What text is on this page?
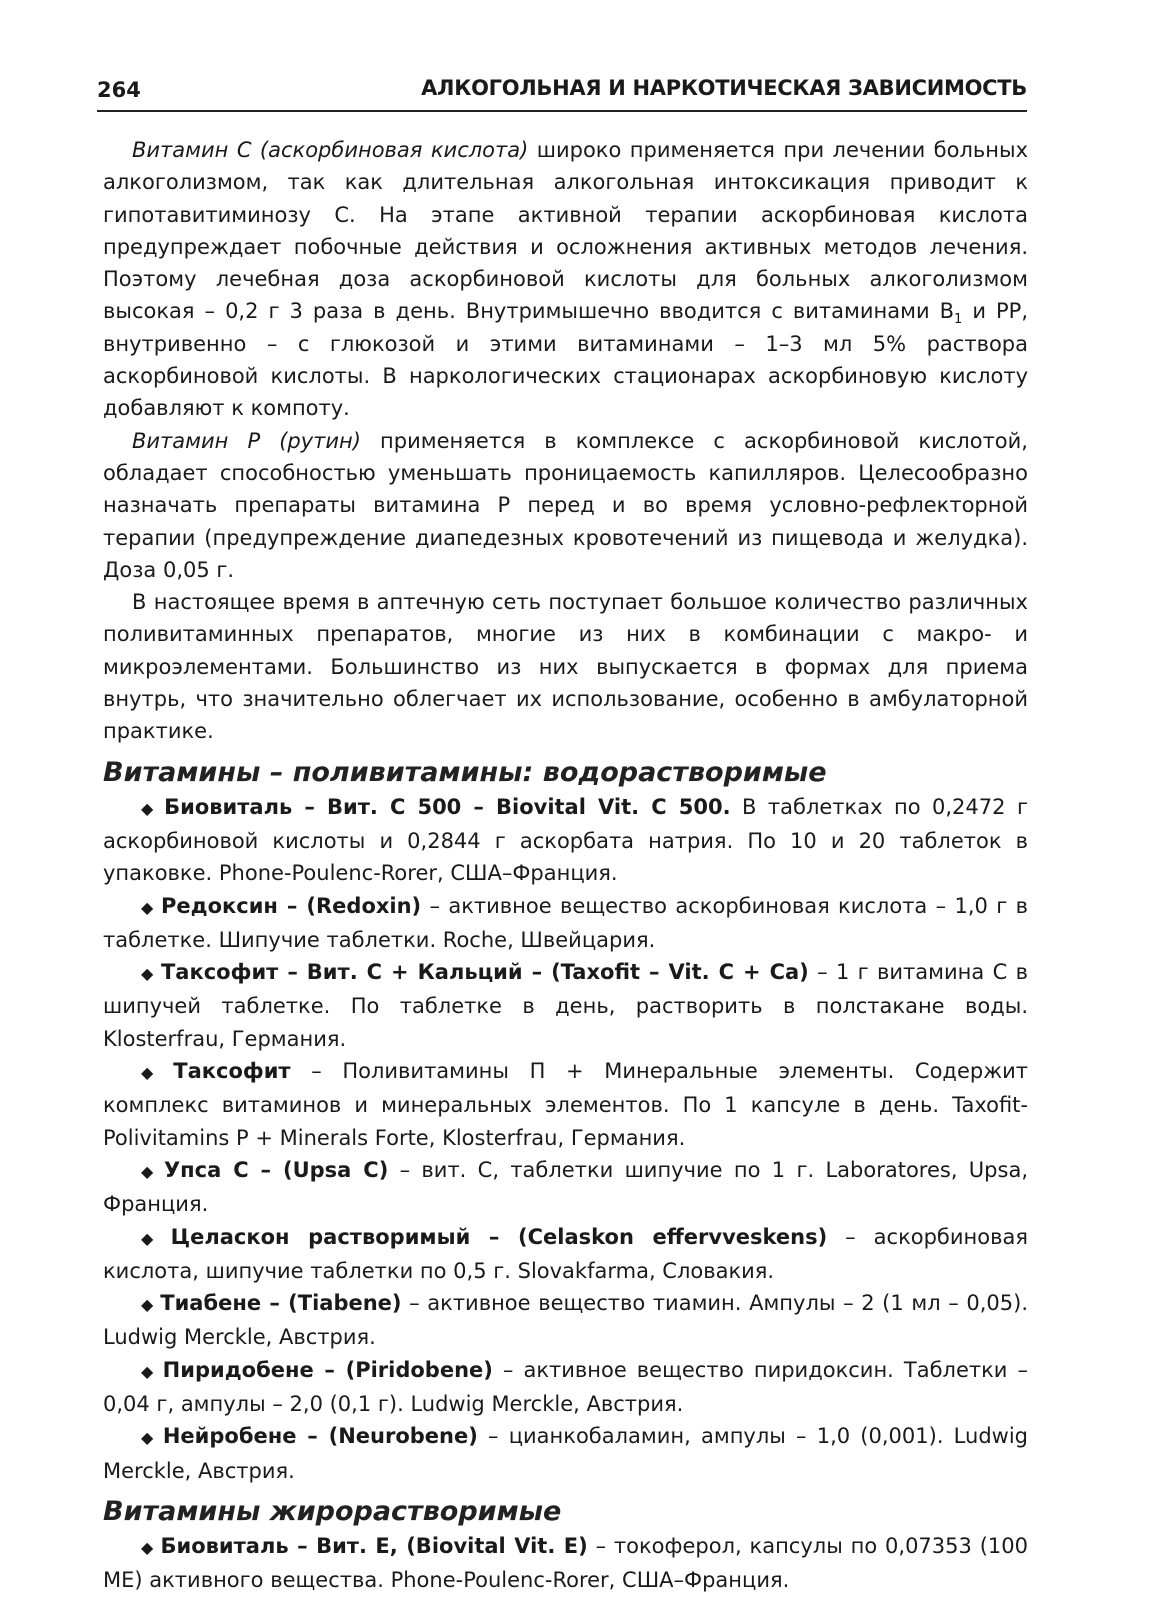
264	АЛКОГОЛЬНАЯ И НАРКОТИЧЕСКАЯ ЗАВИСИМОСТЬ

Витамин С (аскорбиновая кислота) широко применяется при лечении больных алкоголизмом, так как длительная алкогольная интоксикация приводит к гипотавитиминозу С. На этапе активной терапии аскорбиновая кислота предупреждает побочные действия и осложнения активных методов лечения. Поэтому лечебная доза аскорбиновой кислоты для больных алкоголизмом высокая – 0,2 г 3 раза в день. Внутримышечно вводится с витаминами $В_1$ и PP, внутривенно – с глюкозой и этими витаминами – 1–3 мл 5% раствора аскорбиновой кислоты. В наркологических стационарах аскорбиновую кислоту добавляют к компоту.

Витамин Р (рутин) применяется в комплексе с аскорбиновой кислотой, обладает способностью уменьшать проницаемость капилляров. Целесообразно назначать препараты витамина Р перед и во время условно-рефлекторной терапии (предупреждение диапедезных кровотечений из пищевода и желудка). Доза 0,05 г.

В настоящее время в аптечную сеть поступает большое количество различных поливитаминных препаратов, многие из них в комбинации с макро- и микроэлементами. Большинство из них выпускается в формах для приема внутрь, что значительно облегчает их использование, особенно в амбулаторной практике.

Витамины – поливитамины: водорастворимые

◆ Биовиталь – Вит. С 500 – Biovital Vit. С 500. В таблетках по 0,2472 г аскорбиновой кислоты и 0,2844 г аскорбата натрия. По 10 и 20 таблеток в упаковке. Phone-Poulenc-Rorer, США–Франция.

◆ Редоксин – (Redoxin) – активное вещество аскорбиновая кислота – 1,0 г в таблетке. Шипучие таблетки. Roche, Швейцария.

◆ Таксофит – Вит. С + Кальций – (Taxofit – Vit. С + Са) – 1 г витамина С в шипучей таблетке. По таблетке в день, растворить в полстакане воды. Klosterfrau, Германия.

◆ Таксофит – Поливитамины П + Минеральные элементы. Содержит комплекс витаминов и минеральных элементов. По 1 капсуле в день. Taxofit-Polivitamins P + Minerals Forte, Klosterfrau, Германия.

◆ Упса С – (Upsa С) – вит. С, таблетки шипучие по 1 г. Laboratores, Upsa, Франция.

◆ Целаскон растворимый – (Celaskon effervveskens) – аскорбиновая кислота, шипучие таблетки по 0,5 г. Slovakfarma, Словакия.

◆ Тиабене – (Tiabene) – активное вещество тиамин. Ампулы – 2 (1 мл – 0,05). Ludwig Merckle, Австрия.

◆ Пиридобене – (Piridobene) – активное вещество пиридоксин. Таблетки – 0,04 г, ампулы – 2,0 (0,1 г). Ludwig Merckle, Австрия.

◆ Нейробене – (Neurobene) – цианкобаламин, ампулы – 1,0 (0,001). Ludwig Merckle, Австрия.

Витамины жирорастворимые

◆ Биовиталь – Вит. Е, (Biovital Vit. E) – токоферол, капсулы по 0,07353 (100 МЕ) активного вещества. Phone-Poulenc-Rorer, США–Франция.
